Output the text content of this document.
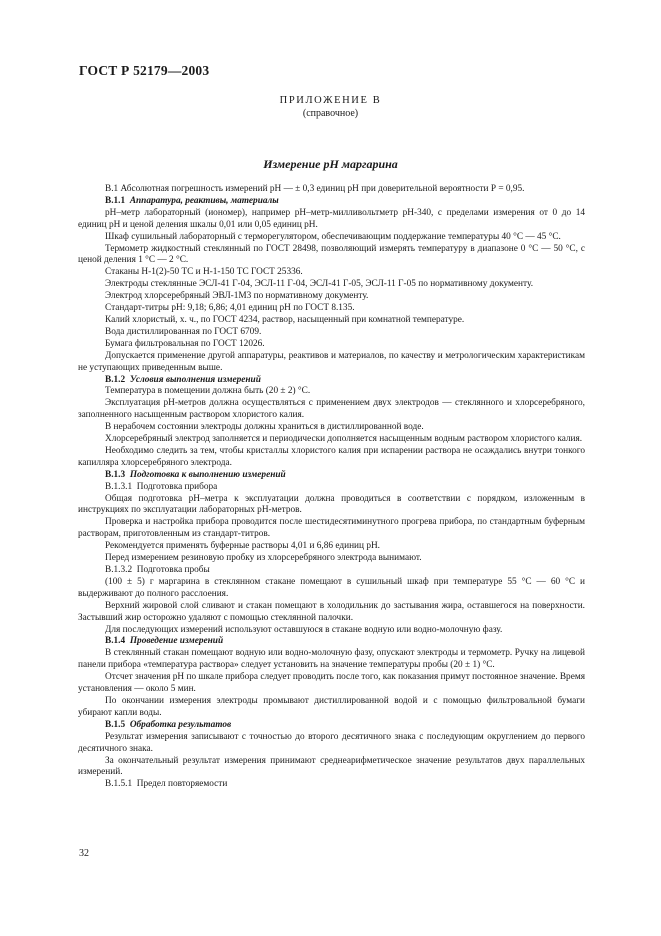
ГОСТ Р 52179—2003
ПРИЛОЖЕНИЕ В
(справочное)
Измерение рН маргарина

В.1 Абсолютная погрешность измерений рН — ± 0,3 единиц рН при доверительной вероятности Р = 0,95.

В.1.1 Аппаратура, реактивы, материалы

рН–метр лабораторный (иономер), например рН–метр-милливольтметр рН-340, с пределами измерения от 0 до 14 единиц рН и ценой деления шкалы 0,01 или 0,05 единиц рН.

Шкаф сушильный лабораторный с терморегулятором, обеспечивающим поддержание температуры 40 °С — 45 °С.

Термометр жидкостный стеклянный по ГОСТ 28498, позволяющий измерять температуру в диапазоне 0 °С — 50 °С, с ценой деления 1 °С — 2 °С.

Стаканы Н-1(2)-50 ТС и Н-1-150 ТС ГОСТ 25336.

Электроды стеклянные ЭСЛ-41 Г-04, ЭСЛ-11 Г-04, ЭСЛ-41 Г-05, ЭСЛ-11 Г-05 по нормативному документу.

Электрод хлорсеребряный ЭВЛ-1М3 по нормативному документу.

Стандарт-титры рН: 9,18; 6,86; 4,01 единиц рН по ГОСТ 8.135.

Калий хлористый, х. ч., по ГОСТ 4234, раствор, насыщенный при комнатной температуре.

Вода дистиллированная по ГОСТ 6709.

Бумага фильтровальная по ГОСТ 12026.

Допускается применение другой аппаратуры, реактивов и материалов, по качеству и метрологическим характеристикам не уступающих приведенным выше.

В.1.2 Условия выполнения измерений

Температура в помещении должна быть (20 ± 2) °С.

Эксплуатация рН-метров должна осуществляться с применением двух электродов — стеклянного и хлорсеребряного, заполненного насыщенным раствором хлористого калия.

В нерабочем состоянии электроды должны храниться в дистиллированной воде.

Хлорсеребряный электрод заполняется и периодически дополняется насыщенным водным раствором хлористого калия.

Необходимо следить за тем, чтобы кристаллы хлористого калия при испарении раствора не осаждались внутри тонкого капилляра хлорсеребряного электрода.

В.1.3 Подготовка к выполнению измерений

В.1.3.1 Подготовка прибора

Общая подготовка рН–метра к эксплуатации должна проводиться в соответствии с порядком, изложенным в инструкциях по эксплуатации лабораторных рН-метров.

Проверка и настройка прибора проводится после шестидесятиминутного прогрева прибора, по стандартным буферным растворам, приготовленным из стандарт-титров.

Рекомендуется применять буферные растворы 4,01 и 6,86 единиц рН.

Перед измерением резиновую пробку из хлорсеребряного электрода вынимают.

В.1.3.2 Подготовка пробы

(100 ± 5) г маргарина в стеклянном стакане помещают в сушильный шкаф при температуре 55 °С — 60 °С и выдерживают до полного расслоения.

Верхний жировой слой сливают и стакан помещают в холодильник до застывания жира, оставшегося на поверхности. Застывший жир осторожно удаляют с помощью стеклянной палочки.

Для последующих измерений используют оставшуюся в стакане водную или водно-молочную фазу.

В.1.4 Проведение измерений

В стеклянный стакан помещают водную или водно-молочную фазу, опускают электроды и термометр. Ручку на лицевой панели прибора «температура раствора» следует установить на значение температуры пробы (20 ± 1) °С.

Отсчет значения рН по шкале прибора следует проводить после того, как показания примут постоянное значение. Время установления — около 5 мин.

По окончании измерения электроды промывают дистиллированной водой и с помощью фильтровальной бумаги убирают капли воды.

В.1.5 Обработка результатов

Результат измерения записывают с точностью до второго десятичного знака с последующим округлением до первого десятичного знака.

За окончательный результат измерения принимают среднеарифметическое значение результатов двух параллельных измерений.

В.1.5.1 Предел повторяемости

32
